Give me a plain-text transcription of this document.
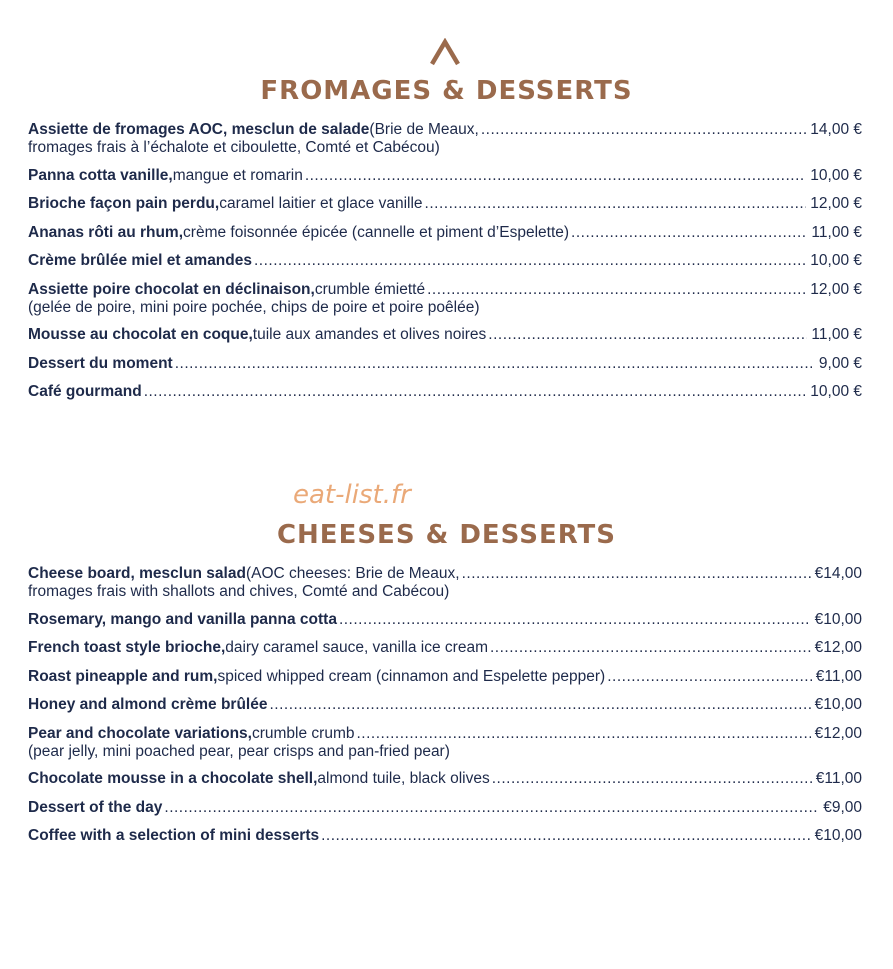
FROMAGES & DESSERTS
Assiette de fromages AOC, mesclun de salade (Brie de Meaux, .....	14,00 €
fromages frais à l’échalote et ciboulette, Comté et Cabécou)
Panna cotta vanille, mangue et romarin .....	10,00 €
Brioche façon pain perdu, caramel laitier et glace vanille .....	12,00 €
Ananas rôti au rhum, crème foisonnée épicée (cannelle et piment d’Espelette) .....	11,00 €
Crème brûlée miel et amandes .....	10,00 €
Assiette poire chocolat en déclinaison, crumble émietté .....	12,00 €
(gelée de poire, mini poire pochée, chips de poire et poire poêlée)
Mousse au chocolat en coque, tuile aux amandes et olives noires .....	11,00 €
Dessert du moment .....	9,00 €
Café gourmand .....	10,00 €
eat-list.fr
CHEESES & DESSERTS
Cheese board, mesclun salad (AOC cheeses: Brie de Meaux, .....	€14,00
fromages frais with shallots and chives, Comté and Cabécou)
Rosemary, mango and vanilla panna cotta .....	€10,00
French toast style brioche, dairy caramel sauce, vanilla ice cream .....	€12,00
Roast pineapple and rum, spiced whipped cream (cinnamon and Espelette pepper) .....	€11,00
Honey and almond crème brûlée .....	€10,00
Pear and chocolate variations, crumble crumb .....	€12,00
(pear jelly, mini poached pear, pear crisps and pan-fried pear)
Chocolate mousse in a chocolate shell, almond tuile, black olives .....	€11,00
Dessert of the day .....	€9,00
Coffee with a selection of mini desserts .....	€10,00
